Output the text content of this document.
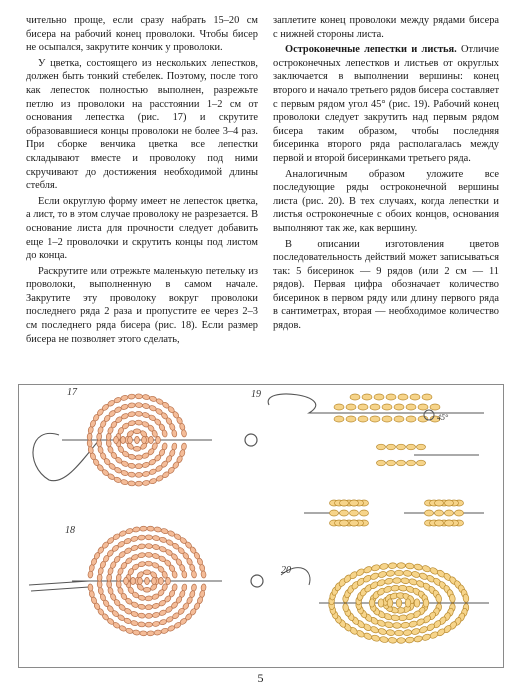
чительно проще, если сразу набрать 15–20 см бисера на рабочий конец проволоки. Чтобы бисер не осыпался, закрутите кончик у проволоки.

У цветка, состоящего из нескольких лепестков, должен быть тонкий стебелек. Поэтому, после того как лепесток полностью выполнен, разрежьте петлю из проволоки на расстоянии 1–2 см от основания лепестка (рис. 17) и скрутите образовавшиеся концы проволоки не более 3–4 раз. При сборке венчика цветка все лепестки складывают вместе и проволоку под ними скручивают до достижения необходимой длины стебля.

Если округлую форму имеет не лепесток цветка, а лист, то в этом случае проволоку не разрезается. В основание листа для прочности следует добавить еще 1–2 проволочки и скрутить концы под листом до конца.

Раскрутите или отрежьте маленькую петельку из проволоки, выполненную в самом начале. Закрутите эту проволоку вокруг проволоки последнего ряда 2 раза и пропустите ее через 2–3 см последнего ряда бисера (рис. 18). Если размер бисера не позволяет этого сделать,

заплетите конец проволоки между рядами бисера с нижней стороны листа.

Остроконечные лепестки и листья. Отличие остроконечных лепестков и листьев от округлых заключается в выполнении вершины: конец второго и начало третьего рядов бисера составляет с первым рядом угол 45° (рис. 19). Рабочий конец проволоки следует закрутить над первым рядом бисера таким образом, чтобы последняя бисеринка второго ряда располагалась между первой и второй бисеринками третьего ряда.

Аналогичным образом уложите все последующие ряды остроконечной вершины листа (рис. 20). В тех случаях, когда лепестки и листья остроконечные с обоих концов, основания выполняют так же, как вершину.

В описании изготовления цветов последовательность действий может записываться так: 5 бисеринок — 9 рядов (или 2 см — 11 рядов). Первая цифра обозначает количество бисеринок в первом ряду или длину первого ряда в сантиметрах, вторая — необходимое количество рядов.

17
18
19
20
45°
5
